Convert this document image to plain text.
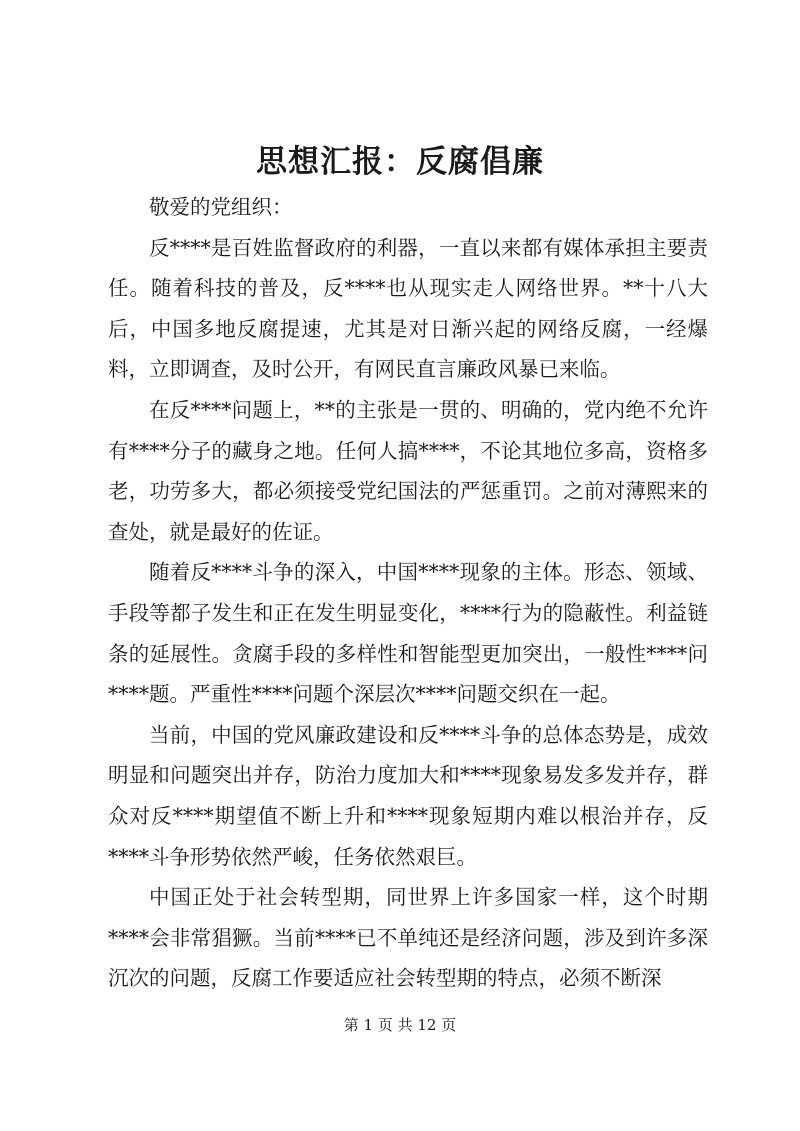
思想汇报：反腐倡廉

敬爱的党组织：

反****是百姓监督政府的利器，一直以来都有媒体承担主要责任。随着科技的普及，反****也从现实走人网络世界。**十八大后，中国多地反腐提速，尤其是对日渐兴起的网络反腐，一经爆料，立即调查，及时公开，有网民直言廉政风暴已来临。

在反****问题上，**的主张是一贯的、明确的，党内绝不允许有****分子的藏身之地。任何人搞****，不论其地位多高，资格多老，功劳多大，都必须接受党纪国法的严惩重罚。之前对薄熙来的查处，就是最好的佐证。

随着反****斗争的深入，中国****现象的主体。形态、领域、手段等都子发生和正在发生明显变化，****行为的隐蔽性。利益链条的延展性。贪腐手段的多样性和智能型更加突出，一般性****问****题。严重性****问题个深层次****问题交织在一起。

当前，中国的党风廉政建设和反****斗争的总体态势是，成效明显和问题突出并存，防治力度加大和****现象易发多发并存，群众对反****期望值不断上升和****现象短期内难以根治并存，反****斗争形势依然严峻，任务依然艰巨。

中国正处于社会转型期，同世界上许多国家一样，这个时期****会非常猖獗。当前****已不单纯还是经济问题，涉及到许多深沉次的问题，反腐工作要适应社会转型期的特点，必须不断深

第 1 页 共 12 页
